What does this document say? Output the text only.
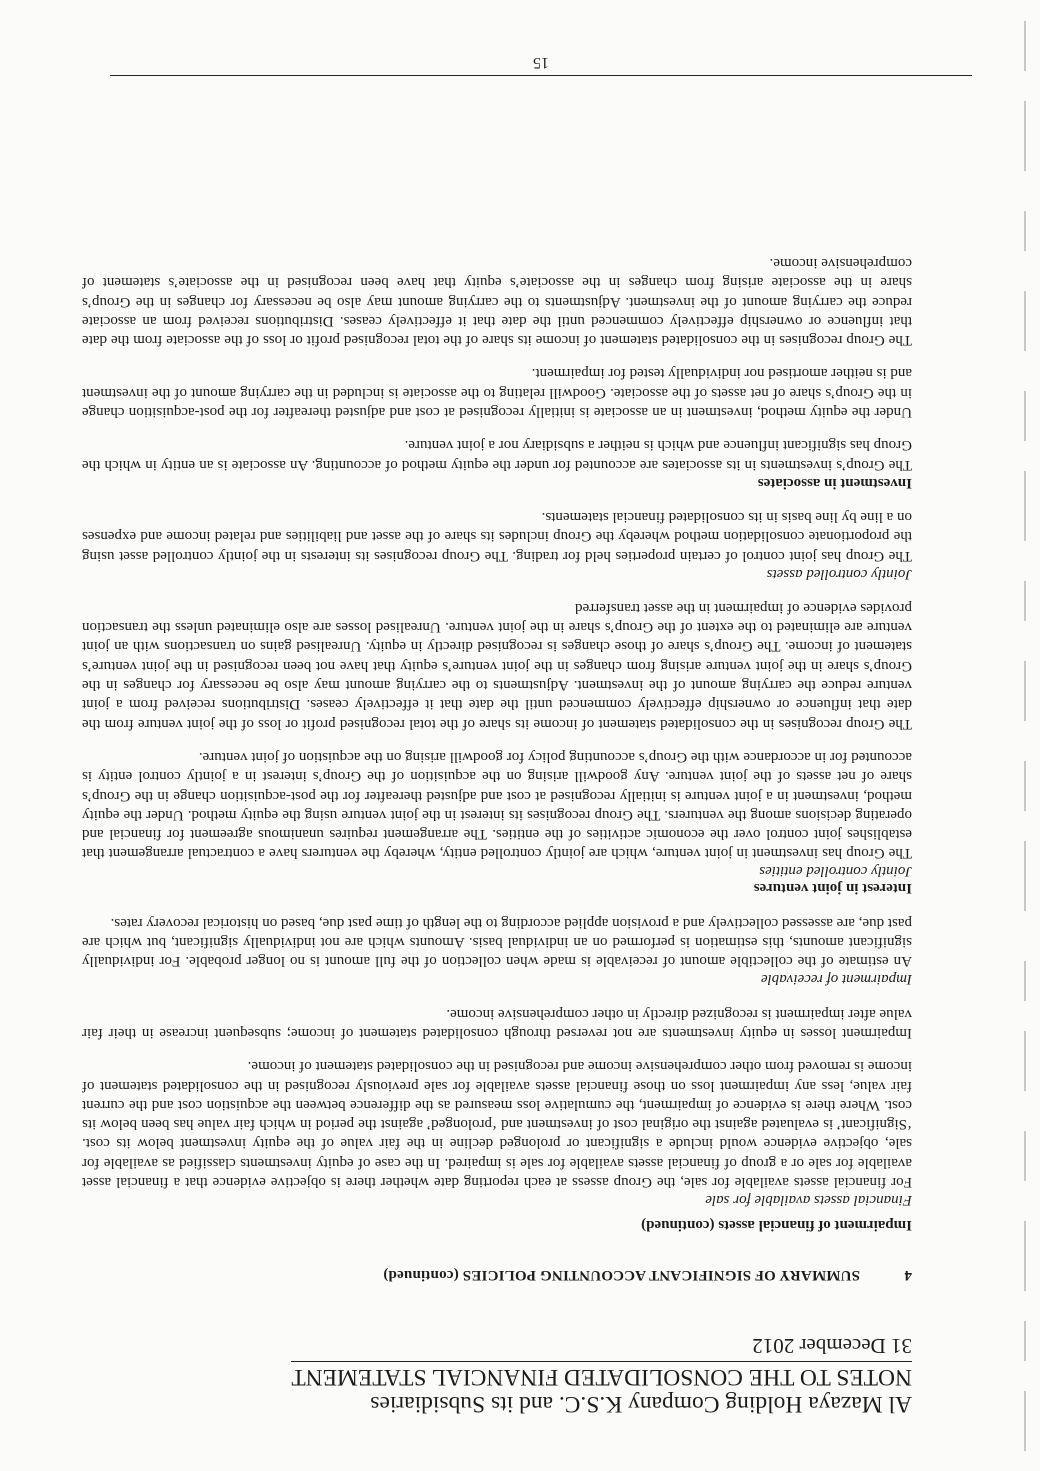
Al Mazaya Holding Company K.S.C. and its Subsidiaries
NOTES TO THE CONSOLIDATED FINANCIAL STATEMENT
31 December 2012
4
SUMMARY OF SIGNIFICANT ACCOUNTING POLICIES (continued)
Impairment of financial assets (continued)
Financial assets available for sale

For financial assets available for sale, the Group assess at each reporting date whether there is objective evidence that a financial asset available for sale or a group of financial assets available for sale is impaired. In the case of equity investments classified as available for sale, objective evidence would include a significant or prolonged decline in the fair value of the equity investment below its cost. ‘Significant’ is evaluated against the original cost of investment and ‘prolonged’ against the period in which fair value has been below its cost. Where there is evidence of impairment, the cumulative loss measured as the difference between the acquistion cost and the current fair value, less any impairment loss on those financial assets available for sale previously recognised in the consolidated statement of income is removed from other comprehensive income and recognised in the consolidated statement of income.

Impairment losses in equity investments are not reversed through consolidated statement of income; subsequent increase in their fair value after impairment is recognized directly in other comprehensive income.

Impairment of receivable

An estimate of the collectible amount of receivable is made when collection of the full amount is no longer probable. For individually significant amounts, this estimation is performed on an individual basis. Amounts which are not individually significant, but which are past due, are assessed collectively and a provision applied according to the length of time past due, based on historical recovery rates.

Interest in joint ventures
Jointly controlled entities

The Group has investment in joint venture, which are jointly controlled entity, whereby the venturers have a contractual arrangement that establishes joint control over the economic activities of the entities. The arrangement requires unanimous agreement for financial and operating decisions among the venturers. The Group recognises its interest in the joint venture using the equity method. Under the equity method, investment in a joint venture is initially recognised at cost and adjusted thereafter for the post-acquisition change in the Group’s share of net assets of the joint venture. Any goodwill arising on the acquisition of the Group’s interest in a jointly control entity is accounted for in accordance with the Group’s accounting policy for goodwill arising on the acquistion of joint venture.

The Group recognises in the consolidated statement of income its share of the total recognised profit or loss of the joint venture from the date that influence or ownership effectively commenced until the date that it effectively ceases. Distributions received from a joint venture reduce the carrying amount of the investment. Adjustments to the carrying amount may also be necessary for changes in the Group’s share in the joint venture arising from changes in the joint venture’s equity that have not been recognised in the joint venture’s statement of income. The Group’s share of those changes is recognised directly in equity. Unrealised gains on transactions with an joint venture are eliminated to the extent of the Group’s share in the joint venture. Unrealised losses are also eliminated unless the transaction provides evidence of impairment in the asset transferred

Jointly controlled assets

The Group has joint control of certain properties held for trading. The Group recognises its interests in the jointly controlled asset using the proportionate consolidation method whereby the Group includes its share of the asset and liabilities and related income and expenses on a line by line basis in its consolidated financial statements.

Investment in associates

The Group’s investments in its associates are accounted for under the equity method of accounting. An associate is an entity in which the Group has significant influence and which is neither a subsidiary nor a joint venture.

Under the equity method, investment in an associate is initially recognised at cost and adjusted thereafter for the post-acquisition change in the Group’s share of net assets of the associate. Goodwill relating to the associate is included in the carrying amount of the investment and is neither amortised nor individually tested for impairment.

The Group recognises in the consolidated statement of income its share of the total recognised profit or loss of the associate from the date that influence or ownership effectively commenced until the date that it effectively ceases. Distributions received from an associate reduce the carrying amount of the investment. Adjustments to the carrying amount may also be necessary for changes in the Group’s share in the associate arising from changes in the associate’s equity that have been recognised in the associate’s statement of comprehensive income.

15
